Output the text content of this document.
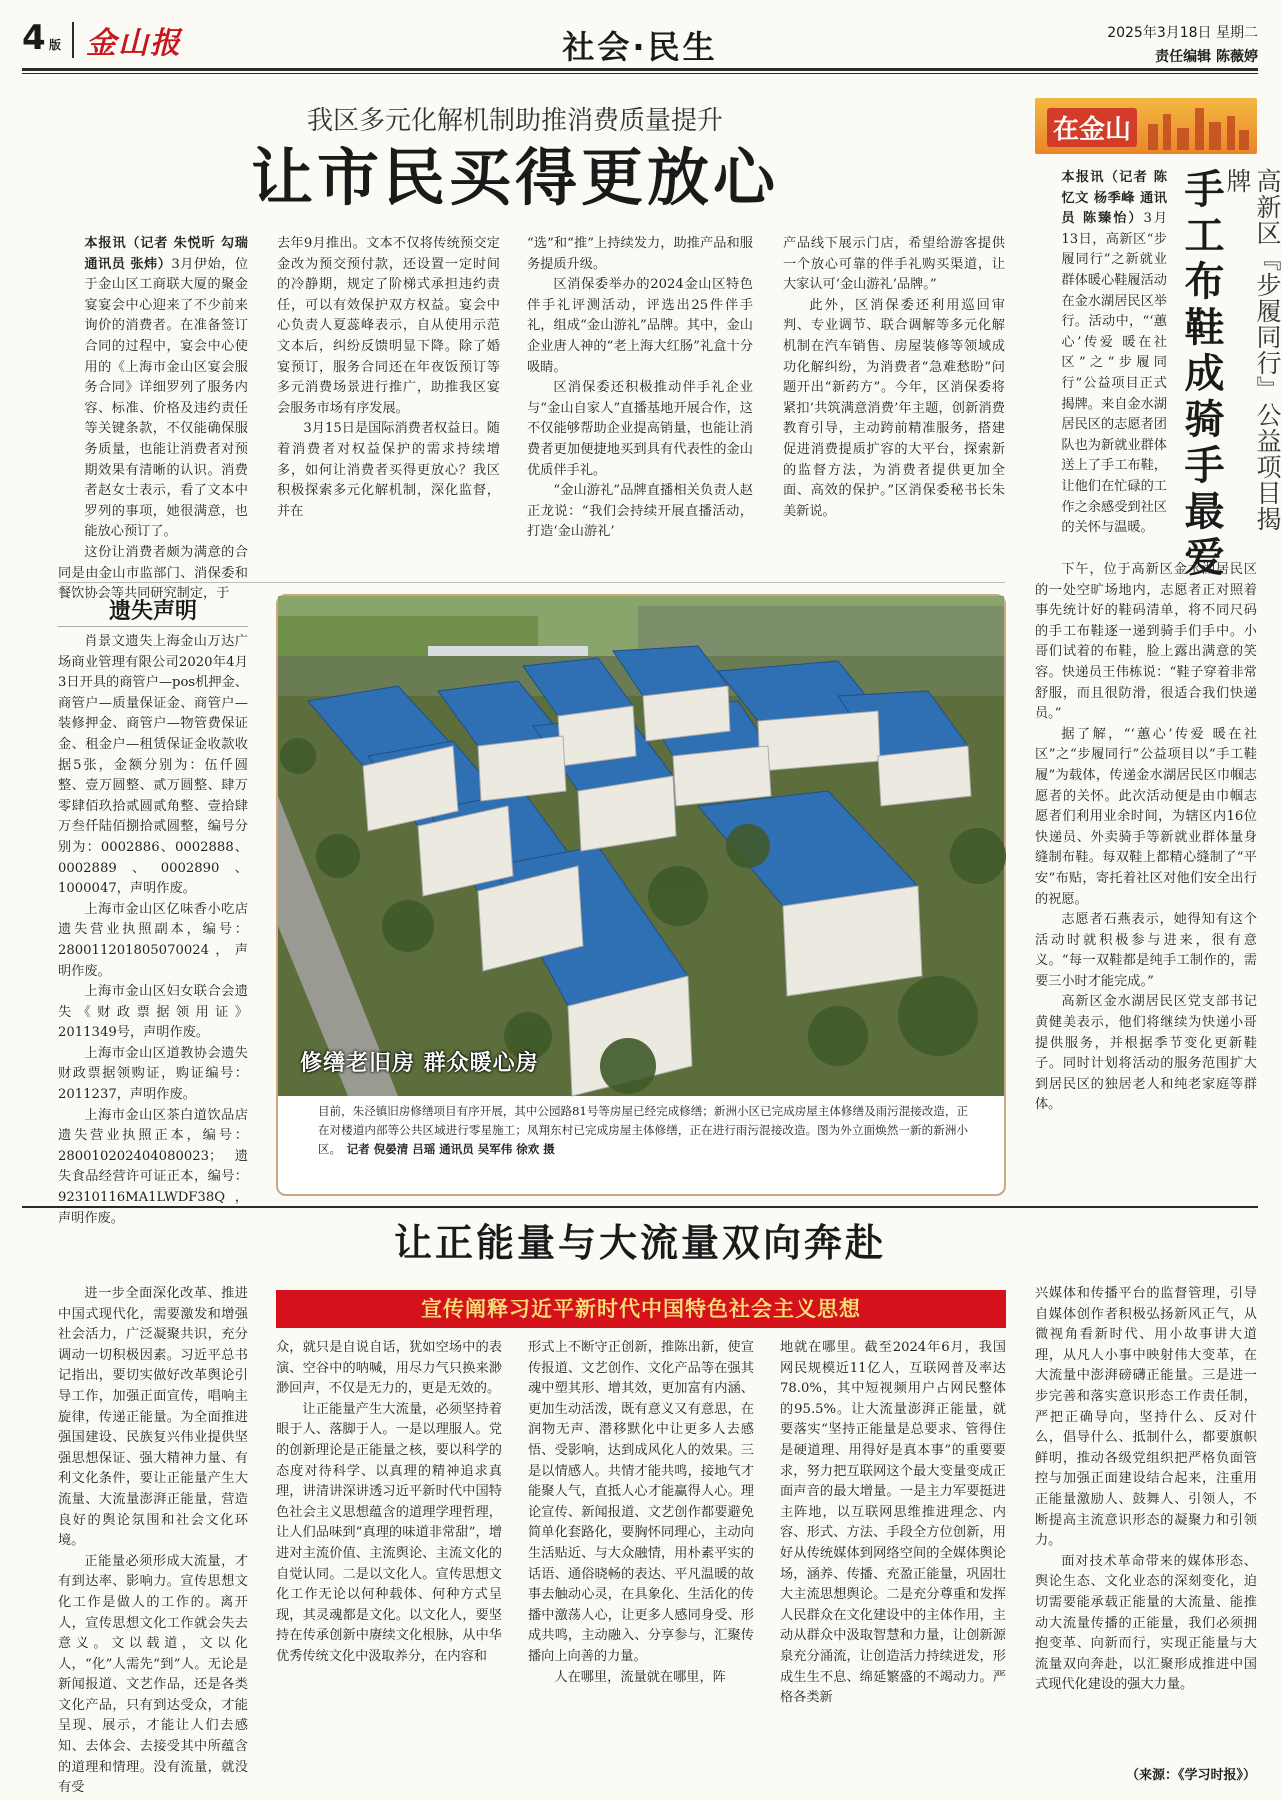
4 版 金山报	社会·民生	2025年3月18日 星期二
责任编辑 陈薇婷
我区多元化解机制助推消费质量提升
让市民买得更放心

本报讯（记者 朱悦昕 勾瑞 通讯员 张炜）3月伊始，位于金山区工商联大厦的聚金宴宴会中心迎来了不少前来询价的消费者。在准备签订合同的过程中，宴会中心使用的《上海市金山区宴会服务合同》详细罗列了服务内容、标准、价格及违约责任等关键条款，不仅能确保服务质量，也能让消费者对预期效果有清晰的认识。消费者赵女士表示，看了文本中罗列的事项，她很满意，也能放心预订了。

这份让消费者颇为满意的合同是由金山市监部门、消保委和餐饮协会等共同研究制定，于

去年9月推出。文本不仅将传统预交定金改为预交预付款，还设置一定时间的冷静期，规定了阶梯式承担违约责任，可以有效保护双方权益。宴会中心负责人夏蕊峰表示，自从使用示范文本后，纠纷反馈明显下降。除了婚宴预订，服务合同还在年夜饭预订等多元消费场景进行推广，助推我区宴会服务市场有序发展。

3月15日是国际消费者权益日。随着消费者对权益保护的需求持续增多，如何让消费者买得更放心？我区积极探索多元化解机制，深化监督，并在

“选”和“推”上持续发力，助推产品和服务提质升级。

区消保委举办的2024金山区特色伴手礼评测活动，评选出25件伴手礼，组成“金山游礼”品牌。其中，金山企业唐人神的“老上海大红肠”礼盒十分吸睛。

区消保委还积极推动伴手礼企业与“金山自家人”直播基地开展合作，这不仅能够帮助企业提高销量，也能让消费者更加便捷地买到具有代表性的金山优质伴手礼。

“金山游礼”品牌直播相关负责人赵正龙说：“我们会持续开展直播活动，打造‘金山游礼’

产品线下展示门店，希望给游客提供一个放心可靠的伴手礼购买渠道，让大家认可‘金山游礼’品牌。”

此外，区消保委还利用巡回审判、专业调节、联合调解等多元化解机制在汽车销售、房屋装修等领域成功化解纠纷，为消费者“急难愁盼”问题开出“新药方”。今年，区消保委将紧扣‘共筑满意消费’年主题，创新消费教育引导，主动跨前精准服务，搭建促进消费提质扩容的大平台，探索新的监督方法，为消费者提供更加全面、高效的保护。”区消保委秘书长朱美新说。

遗失声明

肖景文遗失上海金山万达广场商业管理有限公司2020年4月3日开具的商管户—pos机押金、商管户—质量保证金、商管户—装修押金、商管户—物管费保证金、租金户—租赁保证金收款收据5张，金额分别为：伍仟圆整、壹万圆整、贰万圆整、肆万零肆佰玖拾贰圆贰角整、壹拾肆万叁仟陆佰捌拾贰圆整，编号分别为：0002886、0002888、0002889、0002890、1000047，声明作废。

上海市金山区亿味香小吃店遗失营业执照副本，编号：280011201805070024，声明作废。

上海市金山区妇女联合会遗失《财政票据领用证》2011349号，声明作废。

上海市金山区道教协会遗失财政票据领购证，购证编号：2011237，声明作废。

上海市金山区茶白道饮品店遗失营业执照正本，编号：280010202404080023；遗失食品经营许可证正本，编号：92310116MA1LWDF38Q，声明作废。

修缮老旧房 群众暖心房

目前，朱泾镇旧房修缮项目有序开展，其中公园路81号等房屋已经完成修缮；新洲小区已完成房屋主体修缮及雨污混接改造，正在对楼道内部等公共区域进行零星施工；凤翔东村已完成房屋主体修缮，正在进行雨污混接改造。图为外立面焕然一新的新洲小区。　 记者 倪晏清 吕瑶 通讯员 吴军伟 徐欢 摄

在金山
高新区『步履同行』公益项目揭牌
手工布鞋成骑手最爱

本报讯（记者 陈忆文 杨季峰 通讯员 陈臻怡）3月13日，高新区“步履同行”之新就业群体暖心鞋履活动在金水湖居民区举行。活动中，“‘蕙心’传爱 暖在社区”之“步履同行”公益项目正式揭牌。来自金水湖居民区的志愿者团队也为新就业群体送上了手工布鞋，让他们在忙碌的工作之余感受到社区的关怀与温暖。

下午，位于高新区金水湖居民区的一处空旷场地内，志愿者正对照着事先统计好的鞋码清单，将不同尺码的手工布鞋逐一递到骑手们手中。小哥们试着的布鞋，脸上露出满意的笑容。快递员王伟栋说：“鞋子穿着非常舒服，而且很防滑，很适合我们快递员。”

据了解，“‘蕙心’传爱 暖在社区”之“步履同行”公益项目以“手工鞋履”为载体，传递金水湖居民区巾帼志愿者的关怀。此次活动便是由巾帼志愿者们利用业余时间，为辖区内16位快递员、外卖骑手等新就业群体量身缝制布鞋。每双鞋上都精心缝制了“平安”布贴，寄托着社区对他们安全出行的祝愿。

志愿者石燕表示，她得知有这个活动时就积极参与进来，很有意义。“每一双鞋都是纯手工制作的，需要三小时才能完成。”

高新区金水湖居民区党支部书记黄健美表示，他们将继续为快递小哥提供服务，并根据季节变化更新鞋子。同时计划将活动的服务范围扩大到居民区的独居老人和纯老家庭等群体。

让正能量与大流量双向奔赴
宣传阐释习近平新时代中国特色社会主义思想

进一步全面深化改革、推进中国式现代化，需要激发和增强社会活力，广泛凝聚共识，充分调动一切积极因素。习近平总书记指出，要切实做好改革舆论引导工作，加强正面宣传，唱响主旋律，传递正能量。为全面推进强国建设、民族复兴伟业提供坚强思想保证、强大精神力量、有利文化条件，要让正能量产生大流量、大流量澎湃正能量，营造良好的舆论氛围和社会文化环境。

正能量必须形成大流量，才有到达率、影响力。宣传思想文化工作是做人的工作的。离开人，宣传思想文化工作就会失去意义。文以载道，文以化人，“化”人需先“到”人。无论是新闻报道、文艺作品，还是各类文化产品，只有到达受众，才能呈现、展示，才能让人们去感知、去体会、去接受其中所蕴含的道理和情理。没有流量，就没有受

众，就只是自说自话，犹如空场中的表演、空谷中的呐喊，用尽力气只换来渺渺回声，不仅是无力的，更是无效的。

让正能量产生大流量，必须坚持着眼于人、落脚于人。一是以理服人。党的创新理论是正能量之核，要以科学的态度对待科学、以真理的精神追求真理，讲清讲深讲透习近平新时代中国特色社会主义思想蕴含的道理学理哲理，让人们品味到“真理的味道非常甜”，增进对主流价值、主流舆论、主流文化的自觉认同。二是以文化人。宣传思想文化工作无论以何种载体、何种方式呈现，其灵魂都是文化。以文化人，要坚持在传承创新中赓续文化根脉，从中华优秀传统文化中汲取养分，在内容和

形式上不断守正创新，推陈出新，使宣传报道、文艺创作、文化产品等在强其魂中塑其形、增其效，更加富有内涵、更加生动活泼，既有意义又有意思，在润物无声、潜移默化中让更多人去感悟、受影响，达到成风化人的效果。三是以情感人。共情才能共鸣，接地气才能聚人气，直抵人心才能赢得人心。理论宣传、新闻报道、文艺创作都要避免简单化套路化，要胸怀同理心，主动向生活贴近、与大众融情，用朴素平实的话语、通俗晓畅的表达、平凡温暖的故事去触动心灵，在具象化、生活化的传播中激荡人心，让更多人感同身受、形成共鸣，主动融入、分享参与，汇聚传播向上向善的力量。

人在哪里，流量就在哪里，阵

地就在哪里。截至2024年6月，我国网民规模近11亿人，互联网普及率达78.0%，其中短视频用户占网民整体的95.5%。让大流量澎湃正能量，就要落实“坚持正能量是总要求、管得住是硬道理、用得好是真本事”的重要要求，努力把互联网这个最大变量变成正面声音的最大增量。一是主力军要挺进主阵地，以互联网思维推进理念、内容、形式、方法、手段全方位创新，用好从传统媒体到网络空间的全媒体舆论场，涵养、传播、充盈正能量，巩固壮大主流思想舆论。二是充分尊重和发挥人民群众在文化建设中的主体作用，主动从群众中汲取智慧和力量，让创新源泉充分涌流，让创造活力持续迸发，形成生生不息、绵延繁盛的不竭动力。严格各类新

兴媒体和传播平台的监督管理，引导自媒体创作者积极弘扬新风正气，从微视角看新时代、用小故事讲大道理，从凡人小事中映射伟大变革，在大流量中澎湃磅礴正能量。三是进一步完善和落实意识形态工作责任制，严把正确导向，坚持什么、反对什么，倡导什么、抵制什么，都要旗帜鲜明，推动各级党组织把严格负面管控与加强正面建设结合起来，注重用正能量激励人、鼓舞人、引领人，不断提高主流意识形态的凝聚力和引领力。

面对技术革命带来的媒体形态、舆论生态、文化业态的深刻变化，迫切需要能承载正能量的大流量、能推动大流量传播的正能量，我们必须拥抱变革、向新而行，实现正能量与大流量双向奔赴，以汇聚形成推进中国式现代化建设的强大力量。

（来源：《学习时报》）
